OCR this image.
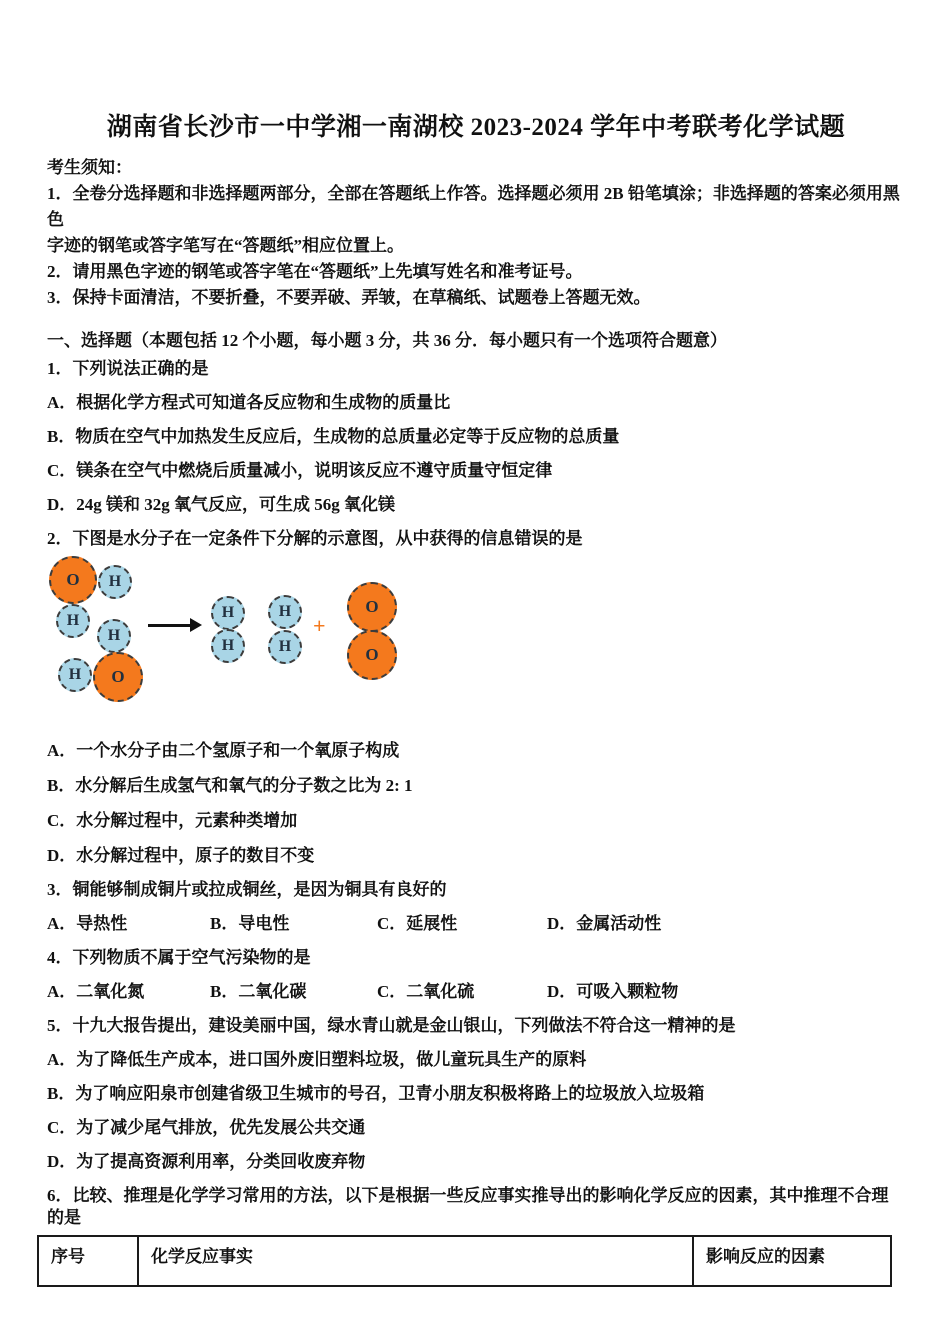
湖南省长沙市一中学湘一南湖校 2023-2024 学年中考联考化学试题
考生须知：
1．全卷分选择题和非选择题两部分，全部在答题纸上作答。选择题必须用 2B 铅笔填涂；非选择题的答案必须用黑色
字迹的钢笔或答字笔写在“答题纸”相应位置上。
2．请用黑色字迹的钢笔或答字笔在“答题纸”上先填写姓名和准考证号。
3．保持卡面清洁，不要折叠，不要弄破、弄皱，在草稿纸、试题卷上答题无效。
一、选择题（本题包括 12 个小题，每小题 3 分，共 36 分．每小题只有一个选项符合题意）
1．下列说法正确的是
A．根据化学方程式可知道各反应物和生成物的质量比
B．物质在空气中加热发生反应后，生成物的总质量必定等于反应物的总质量
C．镁条在空气中燃烧后质量减小，说明该反应不遵守质量守恒定律
D．24g 镁和 32g 氧气反应，可生成 56g 氧化镁
2．下图是水分子在一定条件下分解的示意图，从中获得的信息错误的是
O	H
H
H
H	O
H
H
H
H
+
O
O
A．一个水分子由二个氢原子和一个氧原子构成
B．水分解后生成氢气和氧气的分子数之比为 2: 1
C．水分解过程中，元素种类增加
D．水分解过程中，原子的数目不变
3．铜能够制成铜片或拉成铜丝，是因为铜具有良好的
A．导热性	B．导电性	C．延展性	D．金属活动性
4．下列物质不属于空气污染物的是
A．二氧化氮	B．二氧化碳	C．二氧化硫	D．可吸入颗粒物
5．十九大报告提出，建设美丽中国，绿水青山就是金山银山，下列做法不符合这一精神的是
A．为了降低生产成本，进口国外废旧塑料垃圾，做儿童玩具生产的原料
B．为了响应阳泉市创建省级卫生城市的号召，卫青小朋友积极将路上的垃圾放入垃圾箱
C．为了减少尾气排放，优先发展公共交通
D．为了提高资源利用率，分类回收废弃物
6．比较、推理是化学学习常用的方法，以下是根据一些反应事实推导出的影响化学反应的因素，其中推理不合理的是
序号	化学反应事实	影响反应的因素
